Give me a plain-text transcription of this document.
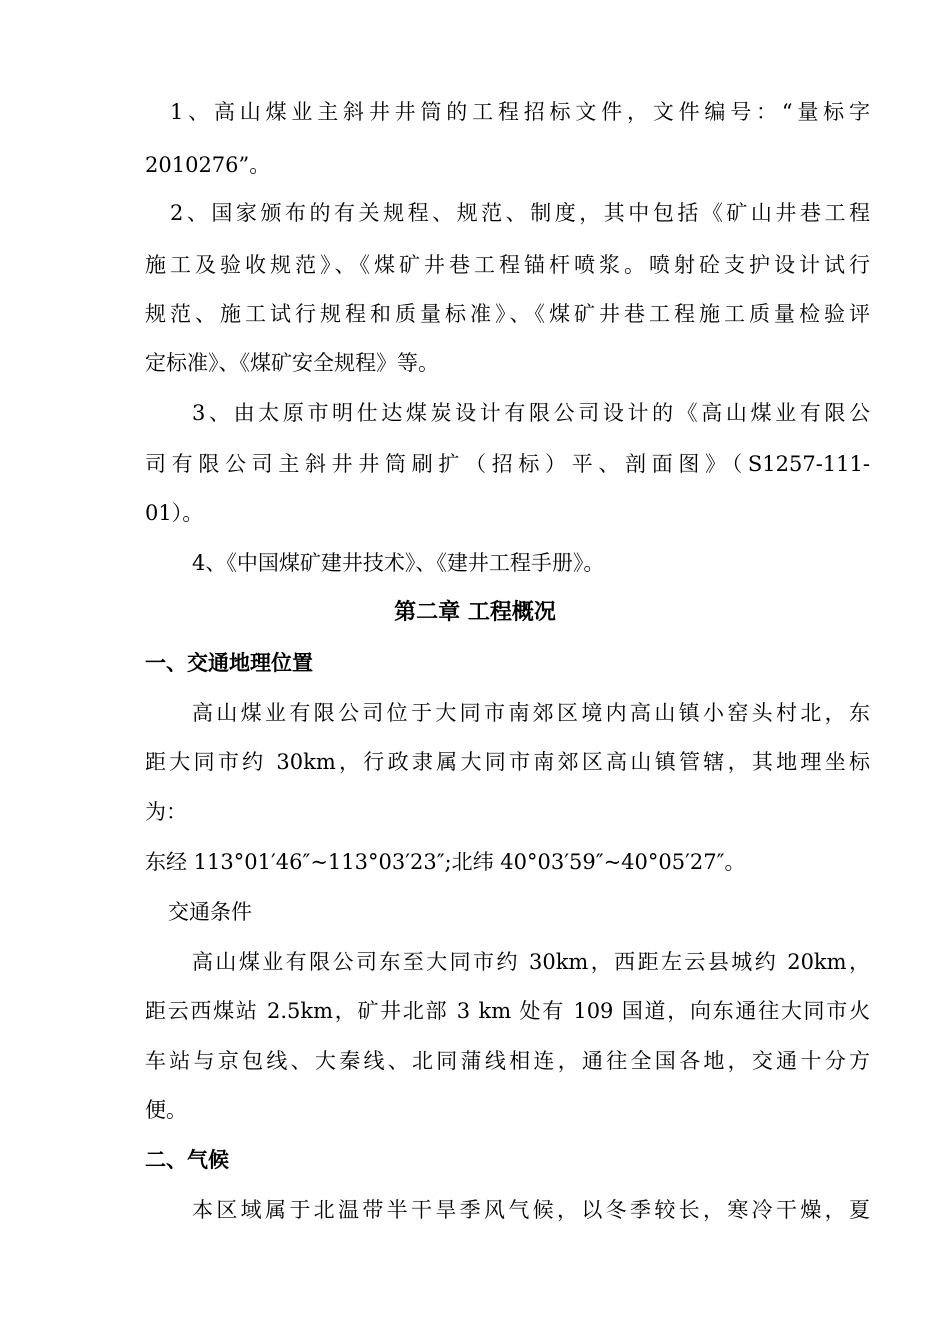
1、高山煤业主斜井井筒的工程招标文件，文件编号：“量标字
2010276”。
2、国家颁布的有关规程、规范、制度，其中包括《矿山井巷工程
施工及验收规范》、《煤矿井巷工程锚杆喷浆。喷射砼支护设计试行
规范、施工试行规程和质量标准》、《煤矿井巷工程施工质量检验评
定标准》、《煤矿安全规程》等。
3、由太原市明仕达煤炭设计有限公司设计的《高山煤业有限公
司有限公司主斜井井筒刷扩（招标）平、剖面图》（S1257-111-
01）。
4、《中国煤矿建井技术》、《建井工程手册》。
第二章 工程概况
一、交通地理位置
高山煤业有限公司位于大同市南郊区境内高山镇小窑头村北，东
距大同市约 30km，行政隶属大同市南郊区高山镇管辖，其地理坐标
为：
东经 113°01′46″~113°03′23″;北纬 40°03′59″~40°05′27″。
交通条件
高山煤业有限公司东至大同市约 30km，西距左云县城约 20km，
距云西煤站 2.5km，矿井北部 3 km 处有 109 国道，向东通往大同市火
车站与京包线、大秦线、北同蒲线相连，通往全国各地，交通十分方
便。
二、气候
本区域属于北温带半干旱季风气候，以冬季较长，寒冷干燥，夏
